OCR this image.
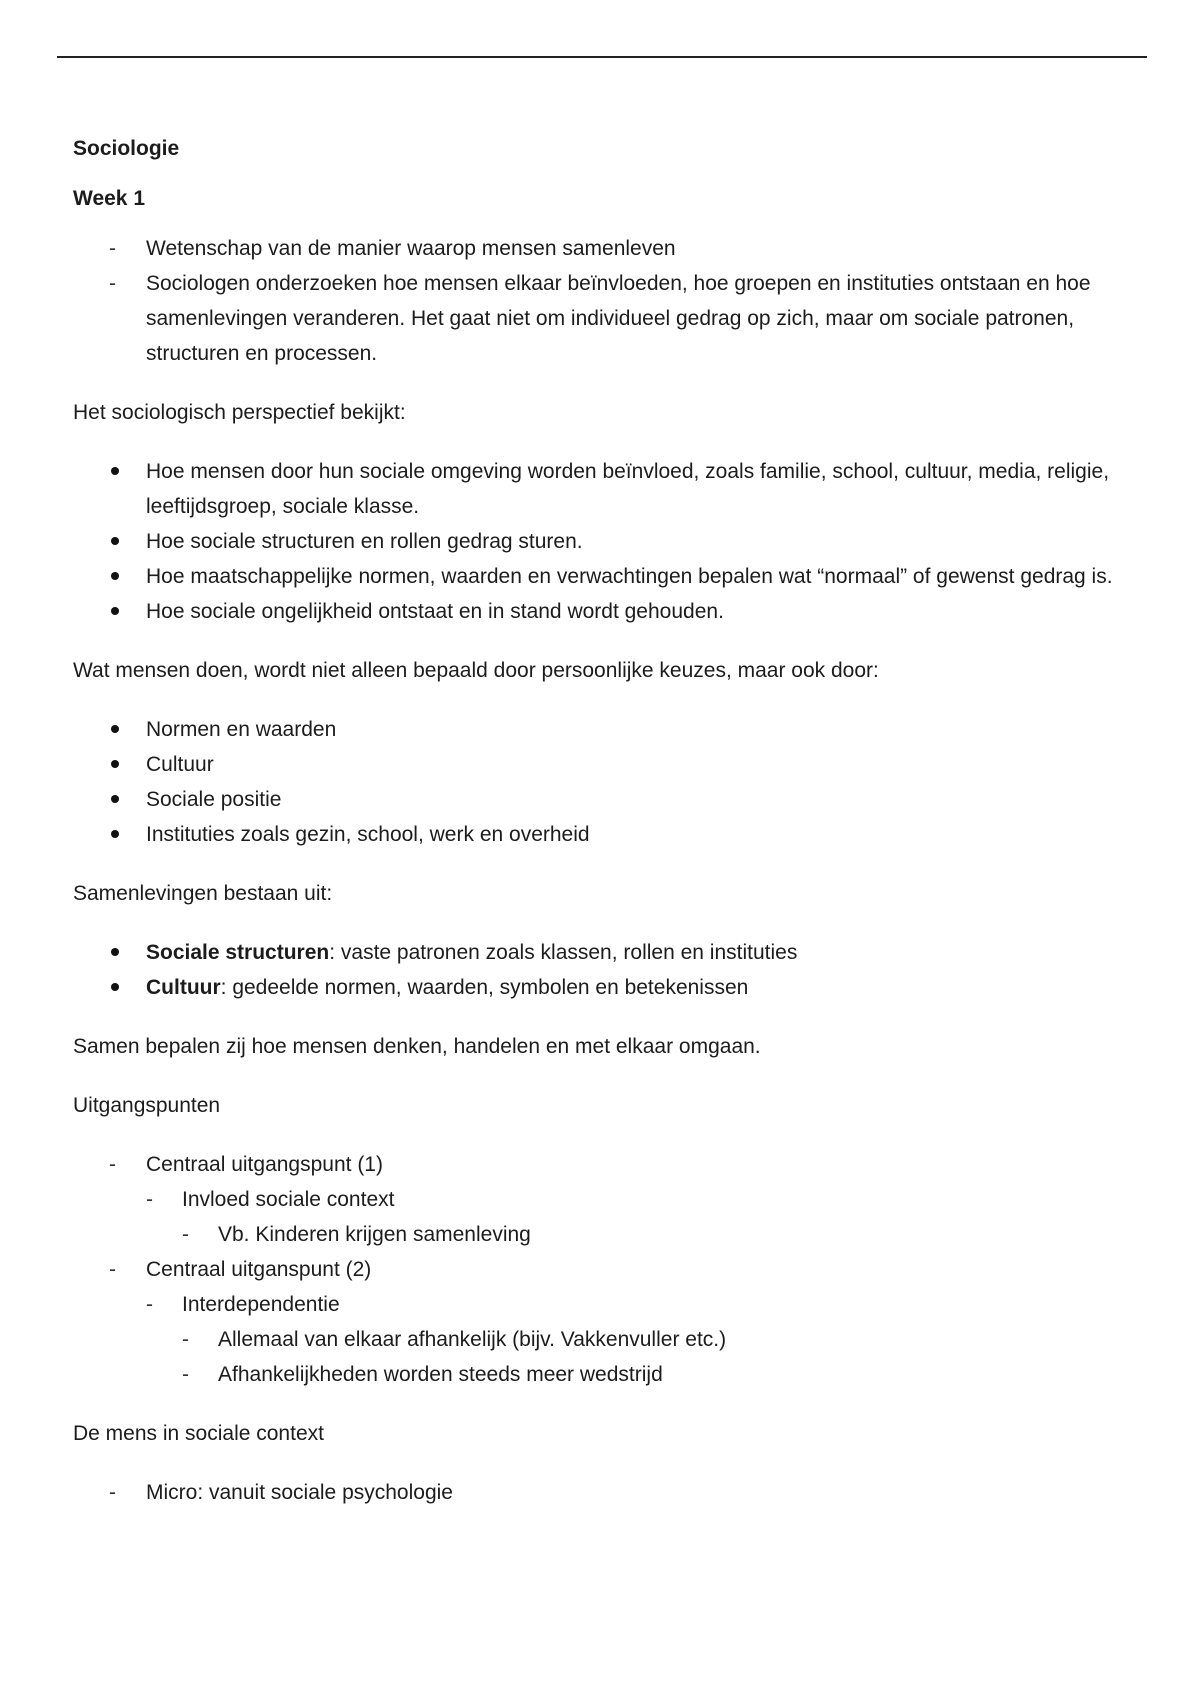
Sociologie

Week 1

- Wetenschap van de manier waarop mensen samenleven
- Sociologen onderzoeken hoe mensen elkaar beïnvloeden, hoe groepen en instituties ontstaan en hoe samenlevingen veranderen. Het gaat niet om individueel gedrag op zich, maar om sociale patronen, structuren en processen.

Het sociologisch perspectief bekijkt:

Hoe mensen door hun sociale omgeving worden beïnvloed, zoals familie, school, cultuur, media, religie, leeftijdsgroep, sociale klasse.
Hoe sociale structuren en rollen gedrag sturen.
Hoe maatschappelijke normen, waarden en verwachtingen bepalen wat “normaal” of gewenst gedrag is.
Hoe sociale ongelijkheid ontstaat en in stand wordt gehouden.

Wat mensen doen, wordt niet alleen bepaald door persoonlijke keuzes, maar ook door:

Normen en waarden
Cultuur
Sociale positie
Instituties zoals gezin, school, werk en overheid

Samenlevingen bestaan uit:

Sociale structuren: vaste patronen zoals klassen, rollen en instituties
Cultuur: gedeelde normen, waarden, symbolen en betekenissen

Samen bepalen zij hoe mensen denken, handelen en met elkaar omgaan.

Uitgangspunten

- Centraal uitgangspunt (1)
- Invloed sociale context
- Vb. Kinderen krijgen samenleving
- Centraal uitganspunt (2)
- Interdependentie
- Allemaal van elkaar afhankelijk (bijv. Vakkenvuller etc.)
- Afhankelijkheden worden steeds meer wedstrijd

De mens in sociale context

- Micro: vanuit sociale psychologie
